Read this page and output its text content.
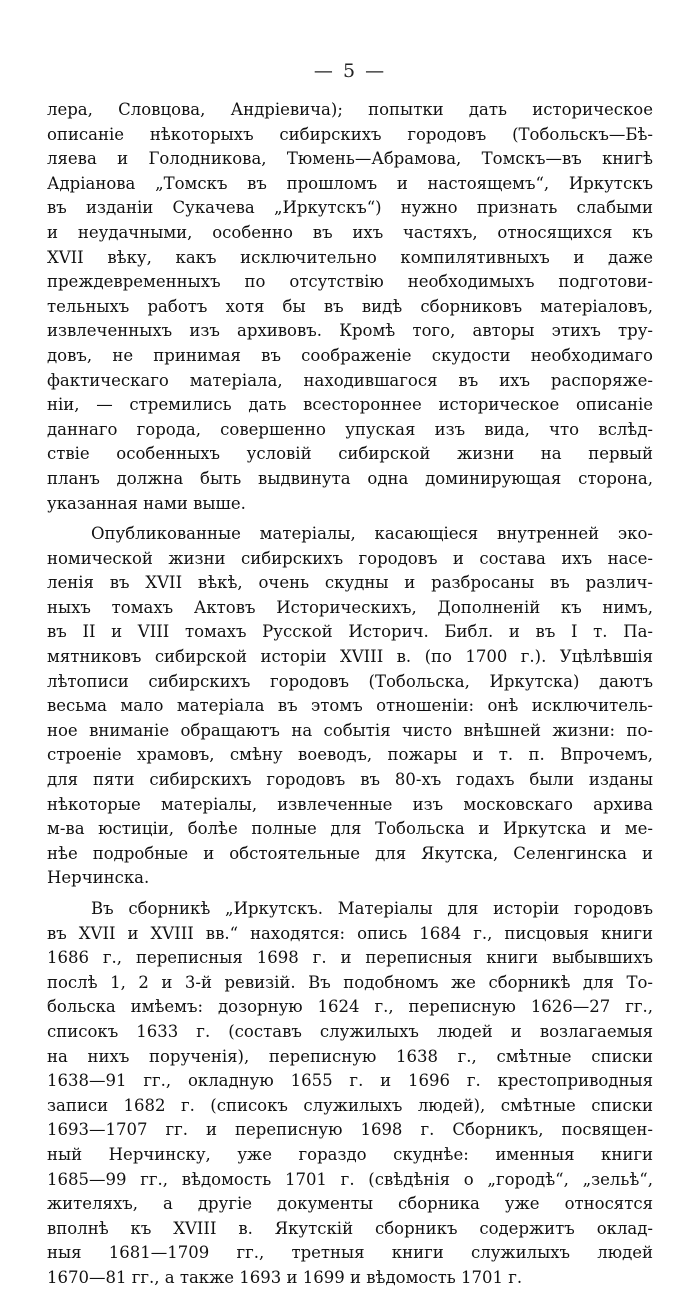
— 5 —
лера, Словцова, Андріевича); попытки дать историческое
описаніе нѣкоторыхъ сибирскихъ городовъ (Тобольскъ—Бѣ-
ляева и Голодникова, Тюмень—Абрамова, Томскъ—въ книгѣ
Адріанова „Томскъ въ прошломъ и настоящемъ“, Иркутскъ
въ изданіи Сукачева „Иркутскъ“) нужно признать слабыми
и неудачными, особенно въ ихъ частяхъ, относящихся къ
XVII вѣку, какъ исключительно компилятивныхъ и даже
преждевременныхъ по отсутствію необходимыхъ подготови-
тельныхъ работъ хотя бы въ видѣ сборниковъ матеріаловъ,
извлеченныхъ изъ архивовъ. Кромѣ того, авторы этихъ тру-
довъ, не принимая въ соображеніе скудости необходимаго
фактическаго матеріала, находившагося въ ихъ распоряже-
ніи, — стремились дать всестороннее историческое описаніе
даннаго города, совершенно упуская изъ вида, что вслѣд-
ствіе особенныхъ условій сибирской жизни на первый
планъ должна быть выдвинута одна доминирующая сторона,
указанная нами выше.
Опубликованные матеріалы, касающіеся внутренней эко-
номической жизни сибирскихъ городовъ и состава ихъ насе-
ленія въ XVII вѣкѣ, очень скудны и разбросаны въ различ-
ныхъ томахъ Актовъ Историческихъ, Дополненій къ нимъ,
въ II и VIII томахъ Русской Историч. Библ. и въ I т. Па-
мятниковъ сибирской исторіи XVIII в. (по 1700 г.). Уцѣлѣвшія
лѣтописи сибирскихъ городовъ (Тобольска, Иркутска) даютъ
весьма мало матеріала въ этомъ отношеніи: онѣ исключитель-
ное вниманіе обращаютъ на событія чисто внѣшней жизни: по-
строеніе храмовъ, смѣну воеводъ, пожары и т. п. Впрочемъ,
для пяти сибирскихъ городовъ въ 80-хъ годахъ были изданы
нѣкоторые матеріалы, извлеченные изъ московскаго архива
м-ва юстиціи, болѣе полные для Тобольска и Иркутска и ме-
нѣе подробные и обстоятельные для Якутска, Селенгинска и
Нерчинска.
Въ сборникѣ „Иркутскъ. Матеріалы для исторіи городовъ
въ XVII и XVIII вв.“ находятся: опись 1684 г., писцовыя книги
1686 г., переписныя 1698 г. и переписныя книги выбывшихъ
послѣ 1, 2 и 3-й ревизій. Въ подобномъ же сборникѣ для То-
больска имѣемъ: дозорную 1624 г., переписную 1626—27 гг.,
списокъ 1633 г. (составъ служилыхъ людей и возлагаемыя
на нихъ порученія), переписную 1638 г., смѣтные списки
1638—91 гг., окладную 1655 г. и 1696 г. крестоприводныя
записи 1682 г. (списокъ служилыхъ людей), смѣтные списки
1693—1707 гг. и переписную 1698 г. Сборникъ, посвящен-
ный Нерчинску, уже гораздо скуднѣе: именныя книги
1685—99 гг., вѣдомость 1701 г. (свѣдѣнія о „городѣ“, „зельѣ“,
жителяхъ, а другіе документы сборника уже относятся
вполнѣ къ XVIII в. Якутскій сборникъ содержитъ оклад-
ныя 1681—1709 гг., третныя книги служилыхъ людей
1670—81 гг., а также 1693 и 1699 и вѣдомость 1701 г.
